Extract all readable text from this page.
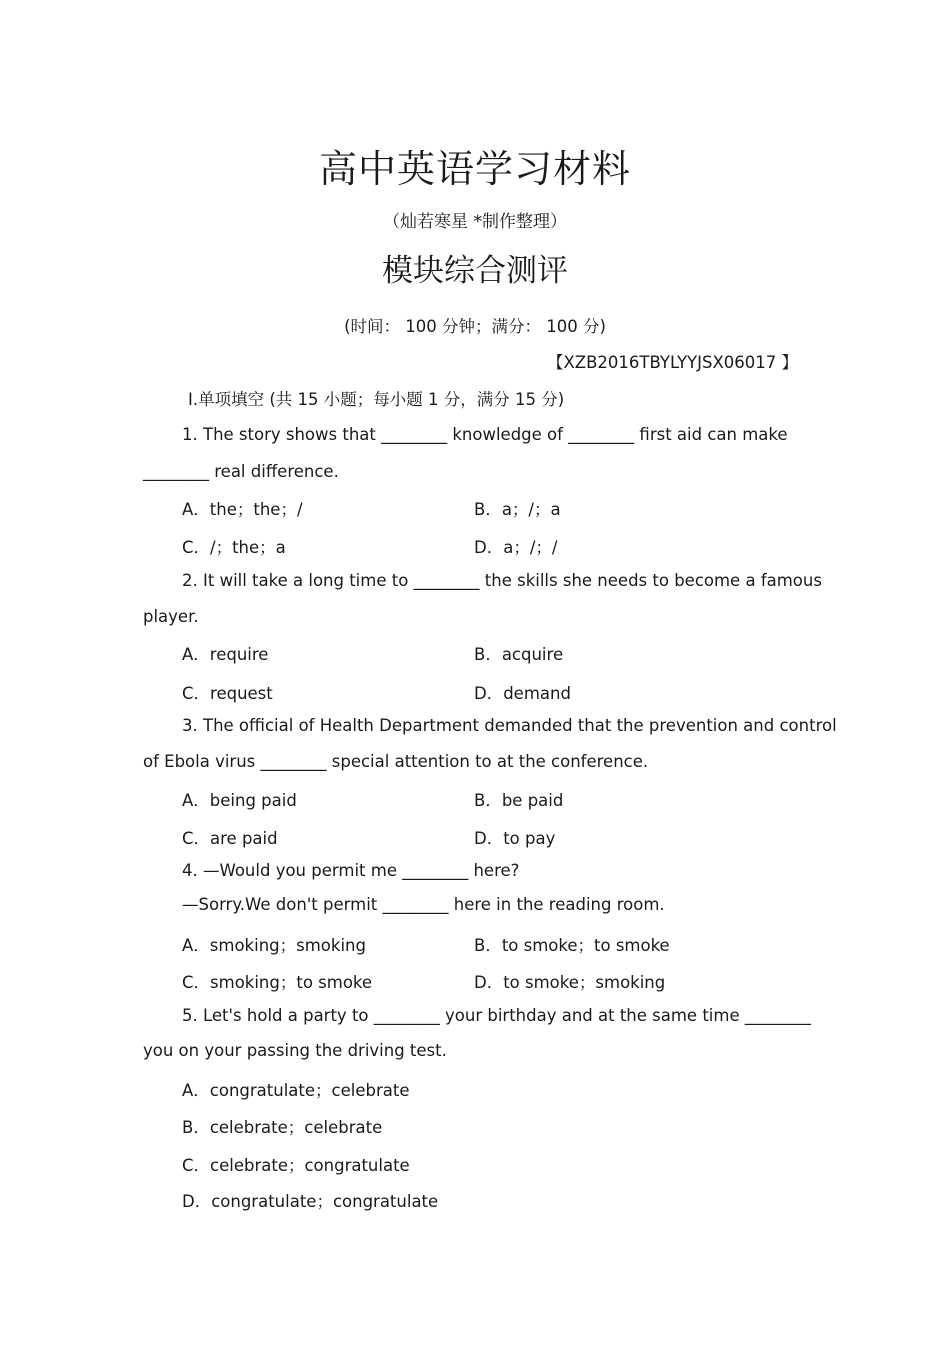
高中英语学习材料
（灿若寒星 *制作整理）
模块综合测评
(时间： 100 分钟；满分： 100 分)
【XZB2016TBYLYYJSX06017 】
Ⅰ.单项填空 (共 15 小题；每小题 1 分，满分 15 分)
1. The story shows that ________ knowledge of ________ first aid can make
________ real difference.
A．the；the；/	B．a；/；a
C．/；the；a	D．a；/；/
2. It will take a long time to ________ the skills she needs to become a famous
player.
A．require	B．acquire
C．request	D．demand
3. The official of Health Department demanded that the prevention and control
of Ebola virus ________ special attention to at the conference.
A．being paid	B．be paid
C．are paid	D．to pay
4. —Would you permit me ________ here?
—Sorry.We don't permit ________ here in the reading room.
A．smoking；smoking	B．to smoke；to smoke
C．smoking；to smoke	D．to smoke；smoking
5. Let's hold a party to ________ your birthday and at the same time ________
you on your passing the driving test.
A．congratulate；celebrate
B．celebrate；celebrate
C．celebrate；congratulate
D．congratulate；congratulate
